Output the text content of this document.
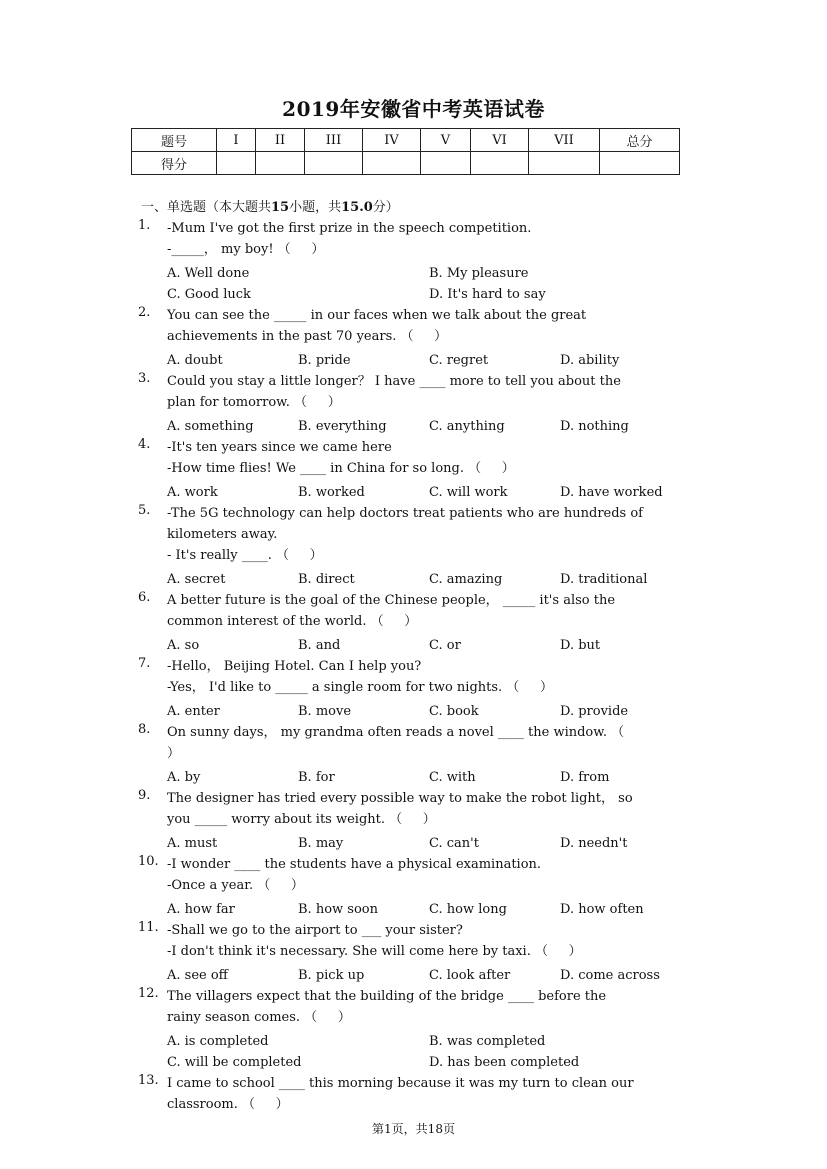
2019年安徽省中考英语试卷
题号	I	II	III	IV	V	VI	VII	总分
得分								
一、单选题（本大题共15小题，共15.0分）
1.	-Mum I've got the first prize in the speech competition.
-_____， my boy! （     ）
A. Well done	B. My pleasure
C. Good luck	D. It's hard to say
2.	You can see the _____ in our faces when we talk about the great
achievements in the past 70 years. （     ）
A. doubt	B. pride	C. regret	D. ability
3.	Could you stay a little longer？ I have ____ more to tell you about the
plan for tomorrow. （     ）
A. something	B. everything	C. anything	D. nothing
4.	-It's ten years since we came here
-How time flies! We ____ in China for so long. （     ）
A. work	B. worked	C. will work	D. have worked
5.	-The 5G technology can help doctors treat patients who are hundreds of
kilometers away.
- It's really ____. （     ）
A. secret	B. direct	C. amazing	D. traditional
6.	A better future is the goal of the Chinese people， _____ it's also the
common interest of the world. （     ）
A. so	B. and	C. or	D. but
7.	-Hello， Beijing Hotel. Can I help you?
-Yes， I'd like to _____ a single room for two nights. （     ）
A. enter	B. move	C. book	D. provide
8.	On sunny days， my grandma often reads a novel ____ the window. （
）
A. by	B. for	C. with	D. from
9.	The designer has tried every possible way to make the robot light， so
you _____ worry about its weight. （     ）
A. must	B. may	C. can't	D. needn't
10. -I wonder ____ the students have a physical examination.
-Once a year. （     ）
A. how far	B. how soon	C. how long	D. how often
11. -Shall we go to the airport to ___ your sister?
-I don't think it's necessary. She will come here by taxi. （     ）
A. see off	B. pick up	C. look after	D. come across
12. The villagers expect that the building of the bridge ____ before the
rainy season comes. （     ）
A. is completed	B. was completed
C. will be completed	D. has been completed
13. I came to school ____ this morning because it was my turn to clean our
classroom. （     ）
第1页，共18页
